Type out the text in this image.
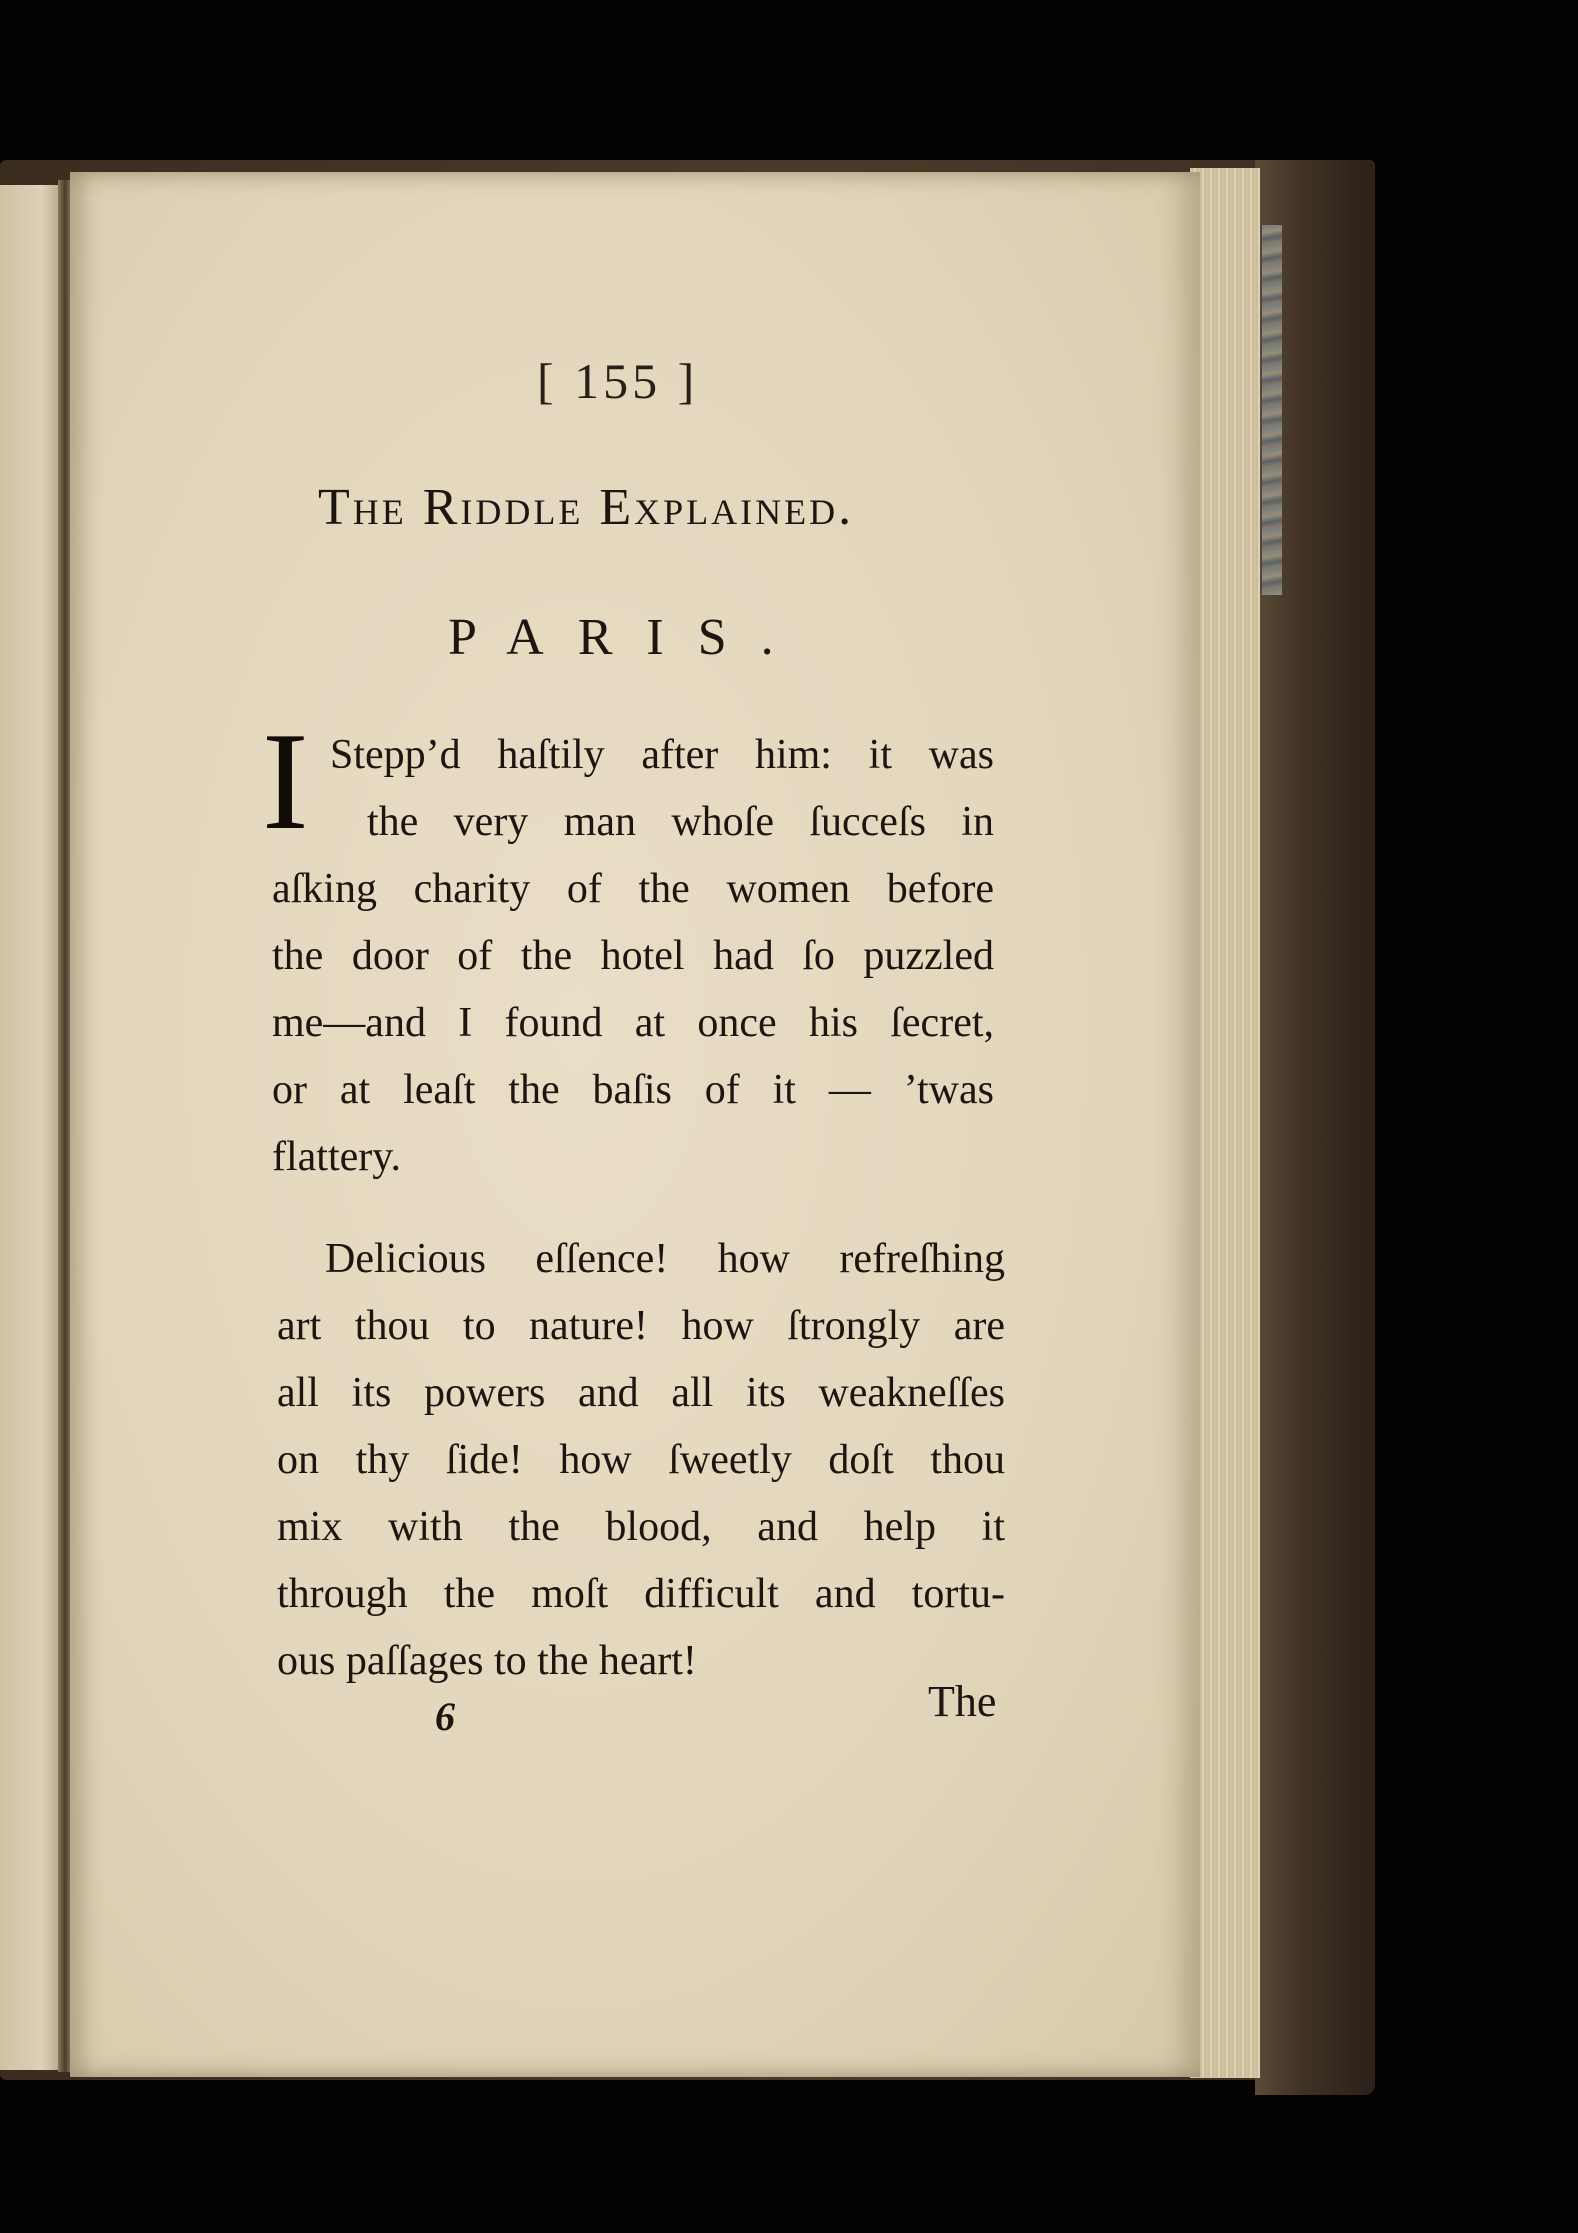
[ 155 ]
The Riddle Explained.
PARIS.
I Stepp’d haſtily after him: it was
the very man whoſe ſucceſs in
aſking charity of the women before
the door of the hotel had ſo puzzled
me—and I found at once his ſecret,
or at leaſt the baſis of it — ’twas
flattery.
Delicious eſſence! how refreſhing
art thou to nature! how ſtrongly are
all its powers and all its weakneſſes
on thy ſide! how ſweetly doſt thou
mix with the blood, and help it
through the moſt difficult and tortu-
ous paſſages to the heart!
6	The
